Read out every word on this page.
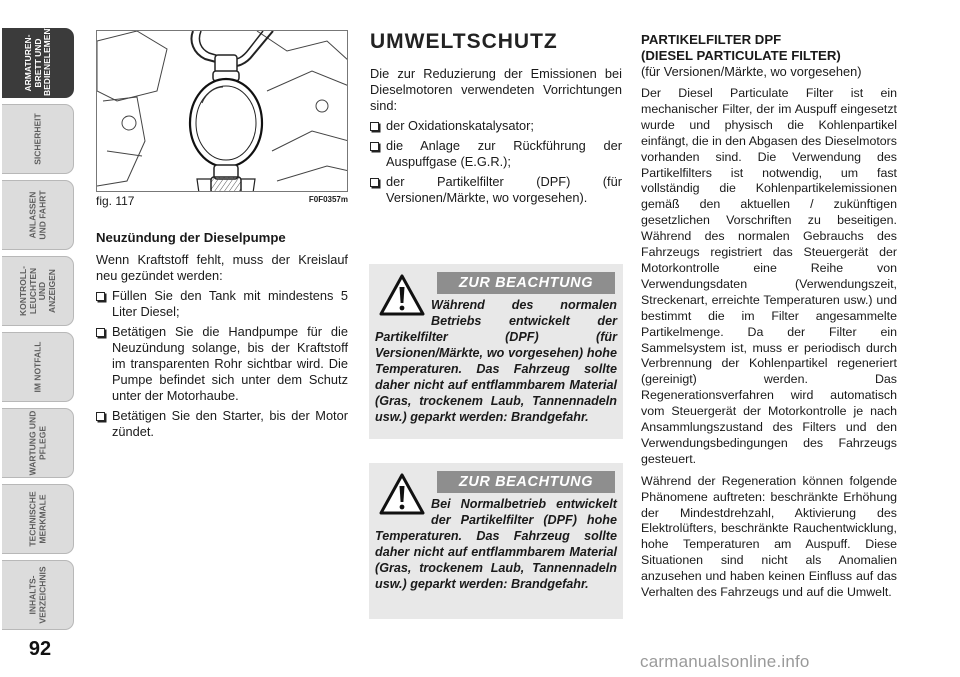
ARMATUREN-
BRETT UND
BEDIENELEMENTE
SICHERHEIT
ANLASSEN
UND FAHRT
KONTROLL-
LEUCHTEN UND
ANZEIGEN
IM NOTFALL
WARTUNG UND
PFLEGE
TECHNISCHE
MERKMALE
INHALTS-
VERZEICHNIS
92
fig. 117	F0F0357m
Neuzündung der Dieselpumpe

Wenn Kraftstoff fehlt, muss der Kreislauf neu gezündet werden:

Füllen Sie den Tank mit mindestens 5 Liter Diesel;
Betätigen Sie die Handpumpe für die Neuzündung solange, bis der Kraftstoff im transparenten Rohr sichtbar wird. Die Pumpe befindet sich unter dem Schutz unter der Motorhaube.
Betätigen Sie den Starter, bis der Motor zündet.
UMWELTSCHUTZ

Die zur Reduzierung der Emissionen bei Dieselmotoren verwendeten Vorrichtungen sind:

der Oxidationskatalysator;
die Anlage zur Rückführung der Auspuffgase (E.G.R.);
der Partikelfilter (DPF) (für Versionen/Märkte, wo vorgesehen).
ZUR BEACHTUNG
Während des normalen Betriebs entwickelt der Partikelfilter (DPF) (für Versionen/Märkte, wo vorgesehen) hohe Temperaturen. Das Fahrzeug sollte daher nicht auf entflammbarem Material (Gras, trockenem Laub, Tannennadeln usw.) geparkt werden: Brandgefahr.
ZUR BEACHTUNG
Bei Normalbetrieb entwickelt der Partikelfilter (DPF) hohe Temperaturen. Das Fahrzeug sollte daher nicht auf entflammbarem Material (Gras, trockenem Laub, Tannennadeln usw.) geparkt werden: Brandgefahr.
PARTIKELFILTER DPF
(DIESEL PARTICULATE FILTER)

(für Versionen/Märkte, wo vorgesehen)

Der Diesel Particulate Filter ist ein mechanischer Filter, der im Auspuff eingesetzt wurde und physisch die Kohlenpartikel einfängt, die in den Abgasen des Dieselmotors vorhanden sind. Die Verwendung des Partikelfilters ist notwendig, um fast vollständig die Kohlenpartikelemissionen gemäß den aktuellen / zukünftigen gesetzlichen Vorschriften zu beseitigen. Während des normalen Gebrauchs des Fahrzeugs registriert das Steuergerät der Motorkontrolle eine Reihe von Verwendungsdaten (Verwendungszeit, Streckenart, erreichte Temperaturen usw.) und bestimmt die im Filter angesammelte Partikelmenge. Da der Filter ein Sammelsystem ist, muss er periodisch durch Verbrennung der Kohlenpartikel regeneriert (gereinigt) werden. Das Regenerationsverfahren wird automatisch vom Steuergerät der Motorkontrolle je nach Ansammlungszustand des Filters und den Verwendungsbedingungen des Fahrzeugs gesteuert.

Während der Regeneration können folgende Phänomene auftreten: beschränkte Erhöhung der Mindestdrehzahl, Aktivierung des Elektrolüfters, beschränkte Rauchentwicklung, hohe Temperaturen am Auspuff. Diese Situationen sind nicht als Anomalien anzusehen und haben keinen Einfluss auf das Verhalten des Fahrzeugs und auf die Umwelt.

carmanualsonline.info
